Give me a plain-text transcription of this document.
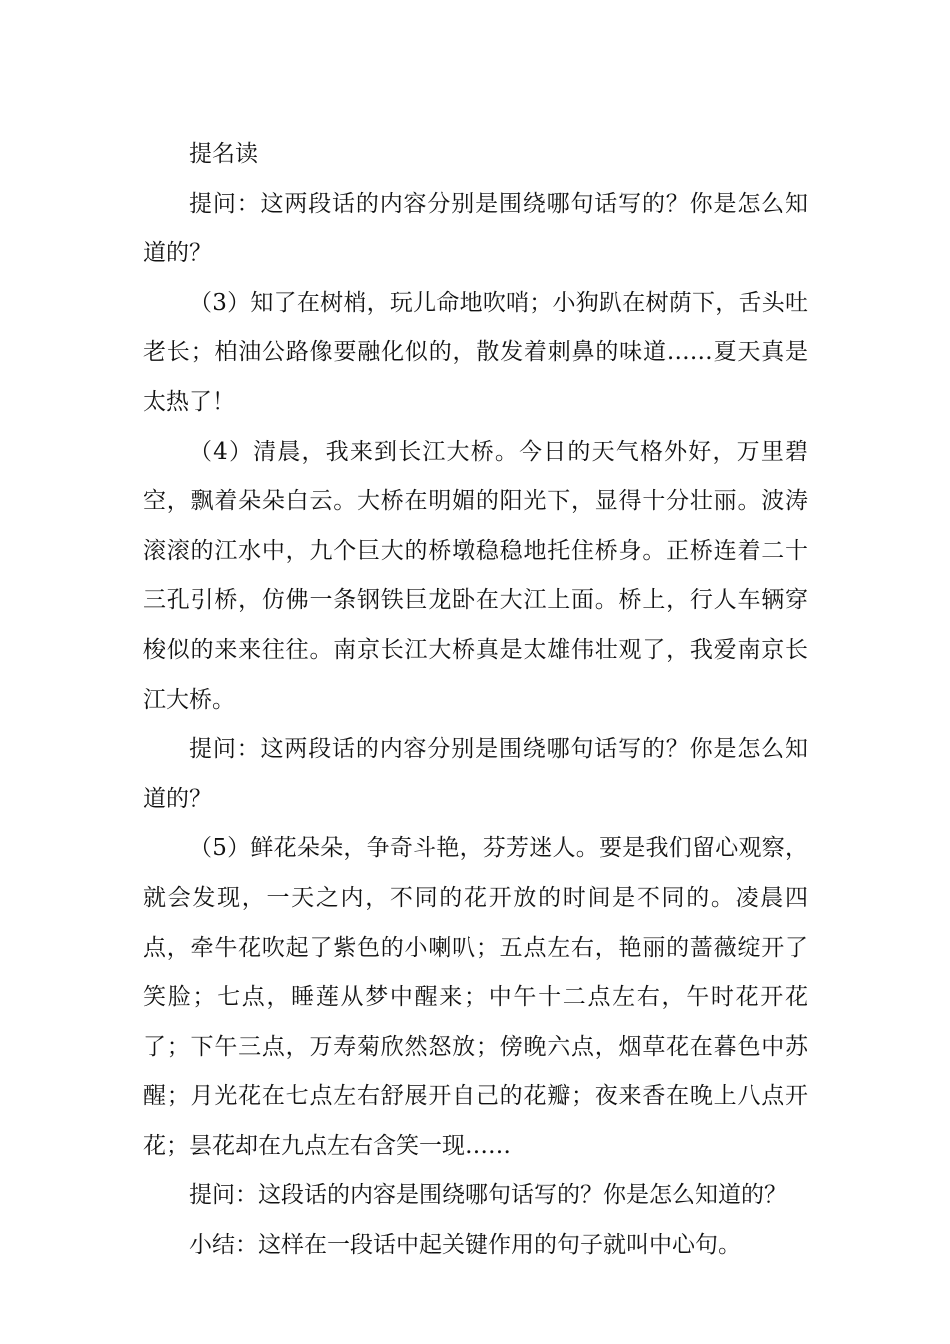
提名读

提问：这两段话的内容分别是围绕哪句话写的？你是怎么知道的？

（3）知了在树梢，玩儿命地吹哨；小狗趴在树荫下，舌头吐老长；柏油公路像要融化似的，散发着刺鼻的味道……夏天真是太热了！

（4）清晨，我来到长江大桥。今日的天气格外好，万里碧空，飘着朵朵白云。大桥在明媚的阳光下，显得十分壮丽。波涛滚滚的江水中，九个巨大的桥墩稳稳地托住桥身。正桥连着二十三孔引桥，仿佛一条钢铁巨龙卧在大江上面。桥上，行人车辆穿梭似的来来往往。南京长江大桥真是太雄伟壮观了，我爱南京长江大桥。

提问：这两段话的内容分别是围绕哪句话写的？你是怎么知道的？

（5）鲜花朵朵，争奇斗艳，芬芳迷人。要是我们留心观察，就会发现，一天之内，不同的花开放的时间是不同的。凌晨四点，牵牛花吹起了紫色的小喇叭；五点左右，艳丽的蔷薇绽开了笑脸；七点，睡莲从梦中醒来；中午十二点左右，午时花开花了；下午三点，万寿菊欣然怒放；傍晚六点，烟草花在暮色中苏醒；月光花在七点左右舒展开自己的花瓣；夜来香在晚上八点开花；昙花却在九点左右含笑一现……

提问：这段话的内容是围绕哪句话写的？你是怎么知道的？

小结：这样在一段话中起关键作用的句子就叫中心句。
